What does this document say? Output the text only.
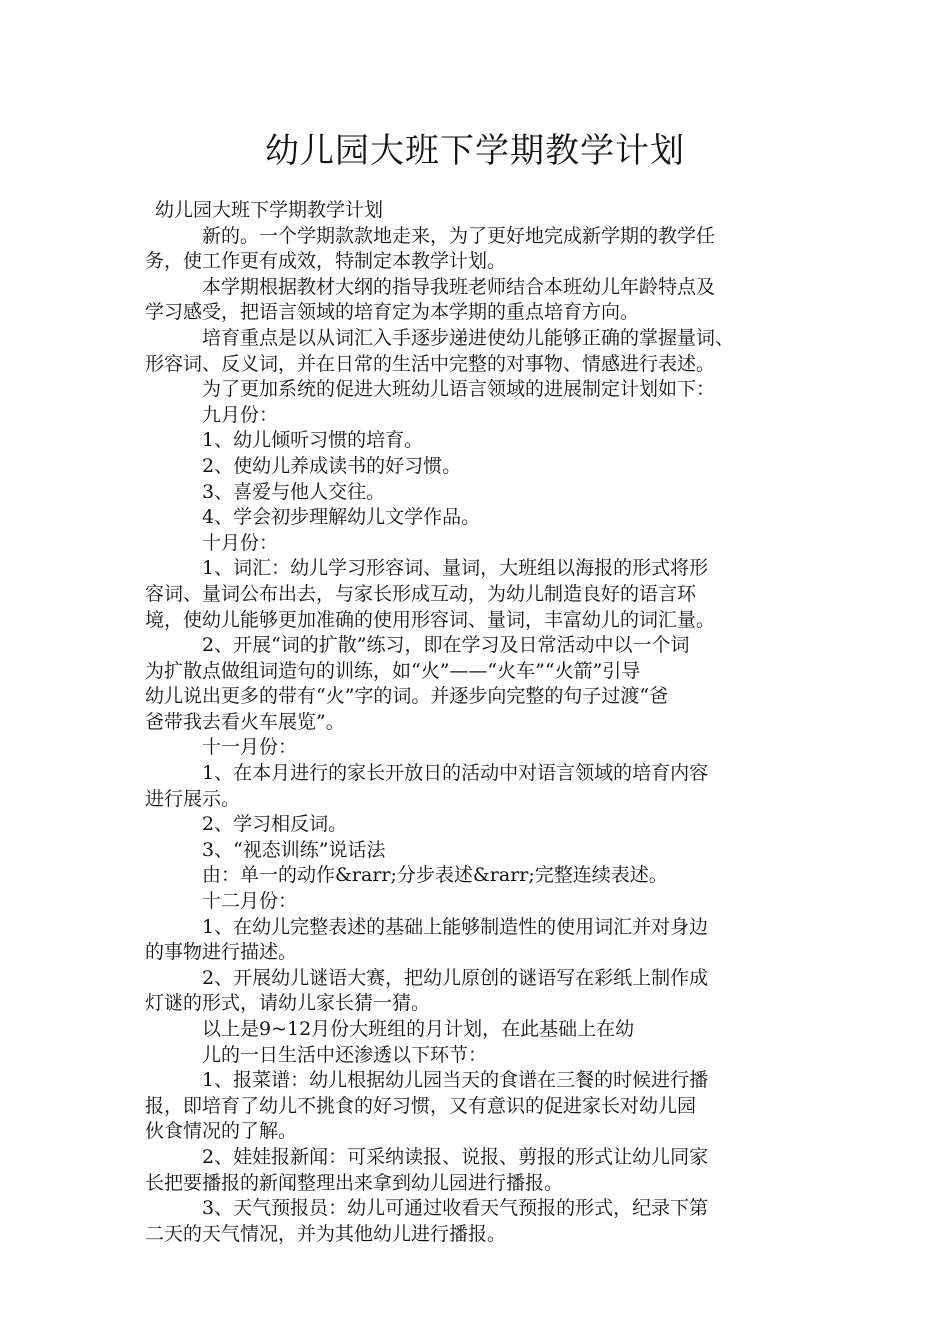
幼儿园大班下学期教学计划
幼儿园大班下学期教学计划
新的。一个学期款款地走来，为了更好地完成新学期的教学任
务，使工作更有成效，特制定本教学计划。
本学期根据教材大纲的指导我班老师结合本班幼儿年龄特点及
学习感受，把语言领域的培育定为本学期的重点培育方向。
培育重点是以从词汇入手逐步递进使幼儿能够正确的掌握量词、
形容词、反义词，并在日常的生活中完整的对事物、情感进行表述。
为了更加系统的促进大班幼儿语言领域的进展制定计划如下：
九月份：
1、幼儿倾听习惯的培育。
2、使幼儿养成读书的好习惯。
3、喜爱与他人交往。
4、学会初步理解幼儿文学作品。
十月份：
1、词汇：幼儿学习形容词、量词，大班组以海报的形式将形
容词、量词公布出去，与家长形成互动，为幼儿制造良好的语言环
境，使幼儿能够更加准确的使用形容词、量词，丰富幼儿的词汇量。
2、开展“词的扩散”练习，即在学习及日常活动中以一个词
为扩散点做组词造句的训练，如“火”——“火车”“火箭”引导
幼儿说出更多的带有“火”字的词。并逐步向完整的句子过渡“爸
爸带我去看火车展览”。
十一月份：
1、在本月进行的家长开放日的活动中对语言领域的培育内容
进行展示。
2、学习相反词。
3、“视态训练”说话法
由：单一的动作&rarr;分步表述&rarr;完整连续表述。
十二月份：
1、在幼儿完整表述的基础上能够制造性的使用词汇并对身边
的事物进行描述。
2、开展幼儿谜语大赛，把幼儿原创的谜语写在彩纸上制作成
灯谜的形式，请幼儿家长猜一猜。
以上是9~12月份大班组的月计划，在此基础上在幼
儿的一日生活中还渗透以下环节：
1、报菜谱：幼儿根据幼儿园当天的食谱在三餐的时候进行播
报，即培育了幼儿不挑食的好习惯，又有意识的促进家长对幼儿园
伙食情况的了解。
2、娃娃报新闻：可采纳读报、说报、剪报的形式让幼儿同家
长把要播报的新闻整理出来拿到幼儿园进行播报。
3、天气预报员：幼儿可通过收看天气预报的形式，纪录下第
二天的天气情况，并为其他幼儿进行播报。
